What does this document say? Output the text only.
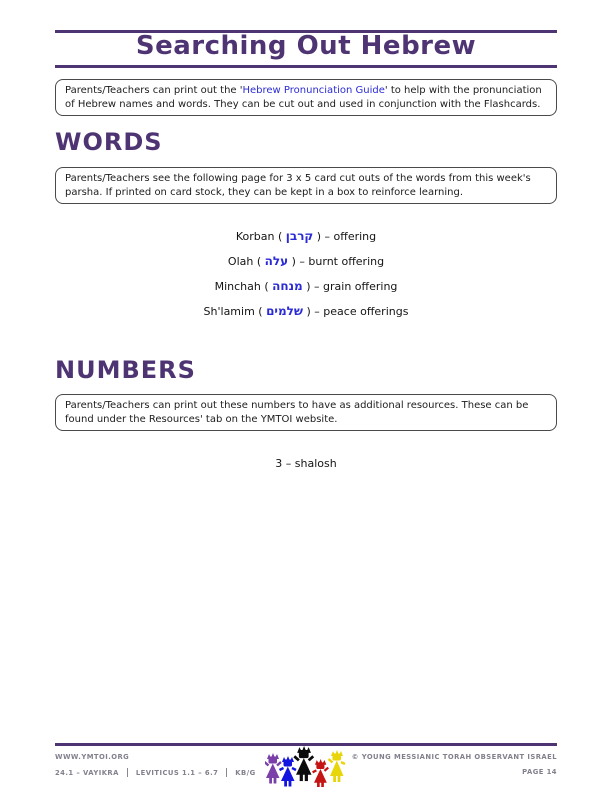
Searching Out Hebrew
Parents/Teachers can print out the 'Hebrew Pronunciation Guide' to help with the pronunciation of Hebrew names and words. They can be cut out and used in conjunction with the Flashcards.
WORDS
Parents/Teachers see the following page for 3 x 5 card cut outs of the words from this week's parsha. If printed on card stock, they can be kept in a box to reinforce learning.
Korban ( קרבן ) – offering
Olah ( עלה ) – burnt offering
Minchah ( מנחה ) – grain offering
Sh'lamim ( שלמים ) – peace offerings
NUMBERS
Parents/Teachers can print out these numbers to have as additional resources. These can be found under the Resources' tab on the YMTOI website.
3 – shalosh
WWW.YMTOI.ORG
24.1 – VAYIKRA	LEVITICUS 1.1 – 6.7	KB/G
© YOUNG MESSIANIC TORAH OBSERVANT ISRAEL
PAGE 14
